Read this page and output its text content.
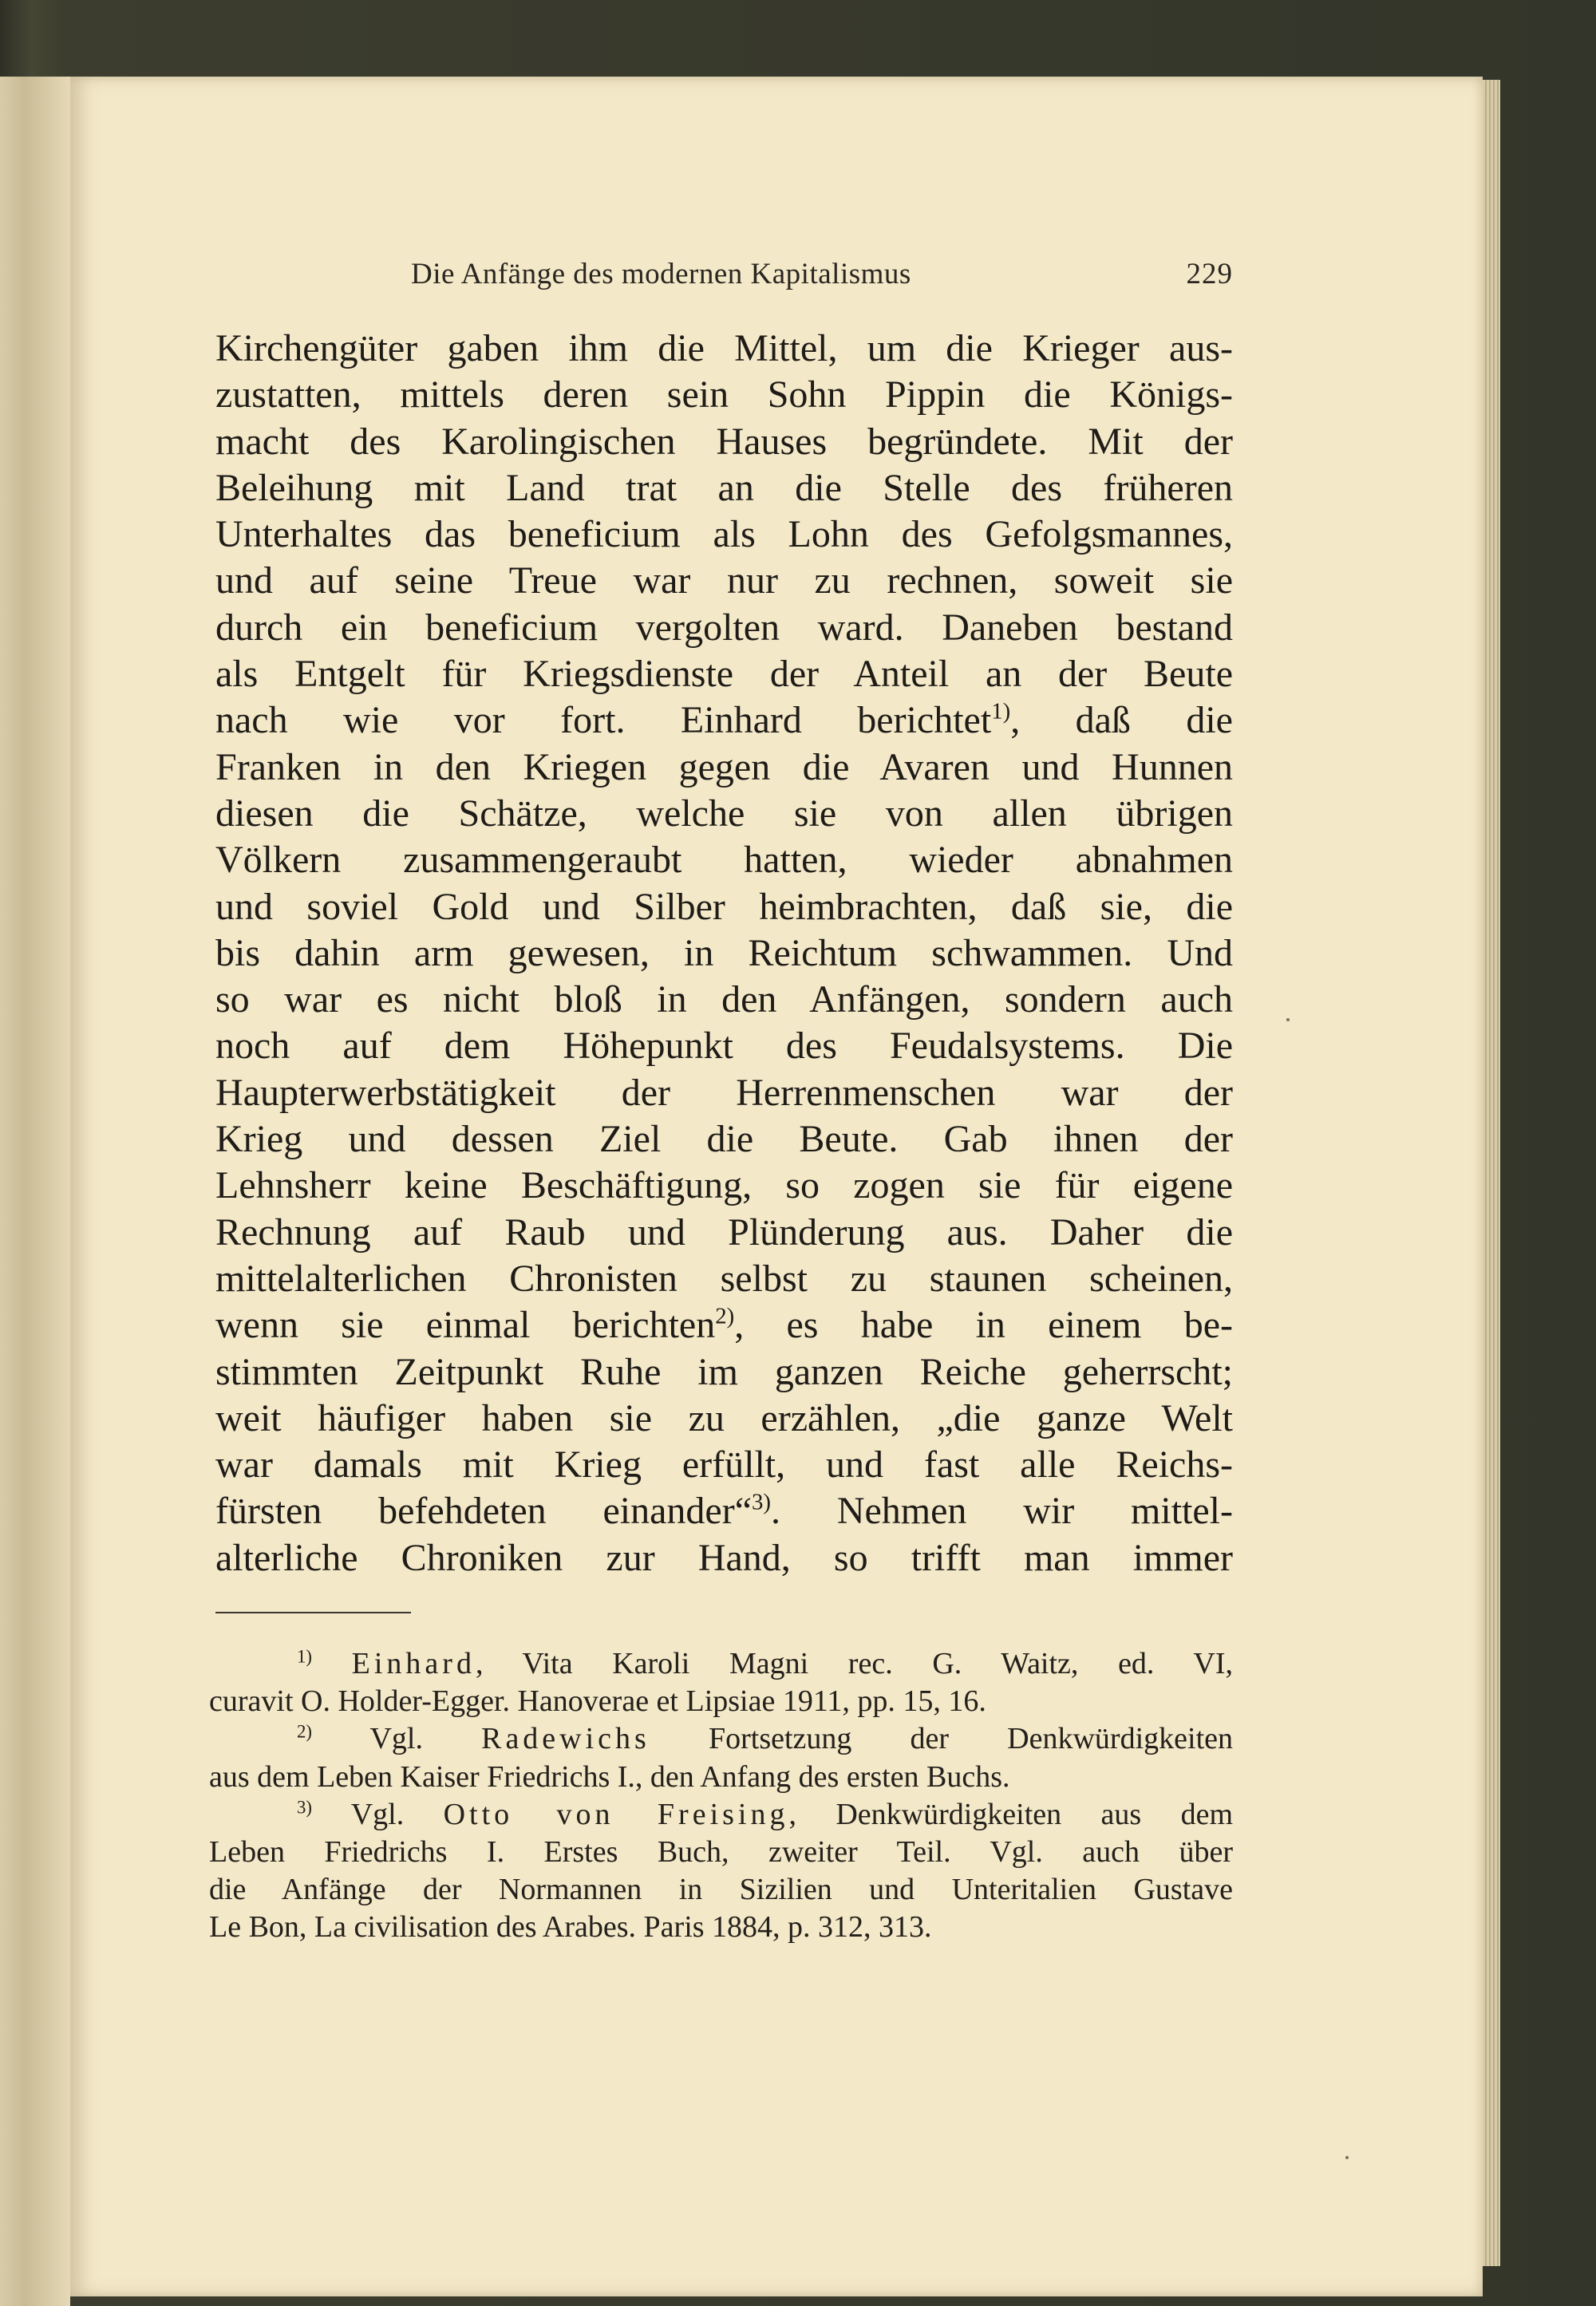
Die Anfänge des modernen Kapitalismus	229
Kirchengüter gaben ihm die Mittel, um die Krieger aus-
zustatten, mittels deren sein Sohn Pippin die Königs-
macht des Karolingischen Hauses begründete. Mit der
Beleihung mit Land trat an die Stelle des früheren
Unterhaltes das beneficium als Lohn des Gefolgsmannes,
und auf seine Treue war nur zu rechnen, soweit sie
durch ein beneficium vergolten ward. Daneben bestand
als Entgelt für Kriegsdienste der Anteil an der Beute
nach wie vor fort. Einhard berichtet$^{1)}$, daß die
Franken in den Kriegen gegen die Avaren und Hunnen
diesen die Schätze, welche sie von allen übrigen
Völkern zusammengeraubt hatten, wieder abnahmen
und soviel Gold und Silber heimbrachten, daß sie, die
bis dahin arm gewesen, in Reichtum schwammen. Und
so war es nicht bloß in den Anfängen, sondern auch
noch auf dem Höhepunkt des Feudalsystems. Die
Haupterwerbstätigkeit der Herrenmenschen war der
Krieg und dessen Ziel die Beute. Gab ihnen der
Lehnsherr keine Beschäftigung, so zogen sie für eigene
Rechnung auf Raub und Plünderung aus. Daher die
mittelalterlichen Chronisten selbst zu staunen scheinen,
wenn sie einmal berichten$^{2)}$, es habe in einem be-
stimmten Zeitpunkt Ruhe im ganzen Reiche geherrscht;
weit häufiger haben sie zu erzählen, „die ganze Welt
war damals mit Krieg erfüllt, und fast alle Reichs-
fürsten befehdeten einander“$^{3)}$. Nehmen wir mittel-
alterliche Chroniken zur Hand, so trifft man immer
$^{1)}$ Einhard, Vita Karoli Magni rec. G. Waitz, ed. VI,
curavit O. Holder-Egger. Hanoverae et Lipsiae 1911, pp. 15, 16.
$^{2)}$ Vgl. Radewichs Fortsetzung der Denkwürdigkeiten
aus dem Leben Kaiser Friedrichs I., den Anfang des ersten Buchs.
$^{3)}$ Vgl. Otto von Freising, Denkwürdigkeiten aus dem
Leben Friedrichs I. Erstes Buch, zweiter Teil. Vgl. auch über
die Anfänge der Normannen in Sizilien und Unteritalien Gustave
Le Bon, La civilisation des Arabes. Paris 1884, p. 312, 313.
